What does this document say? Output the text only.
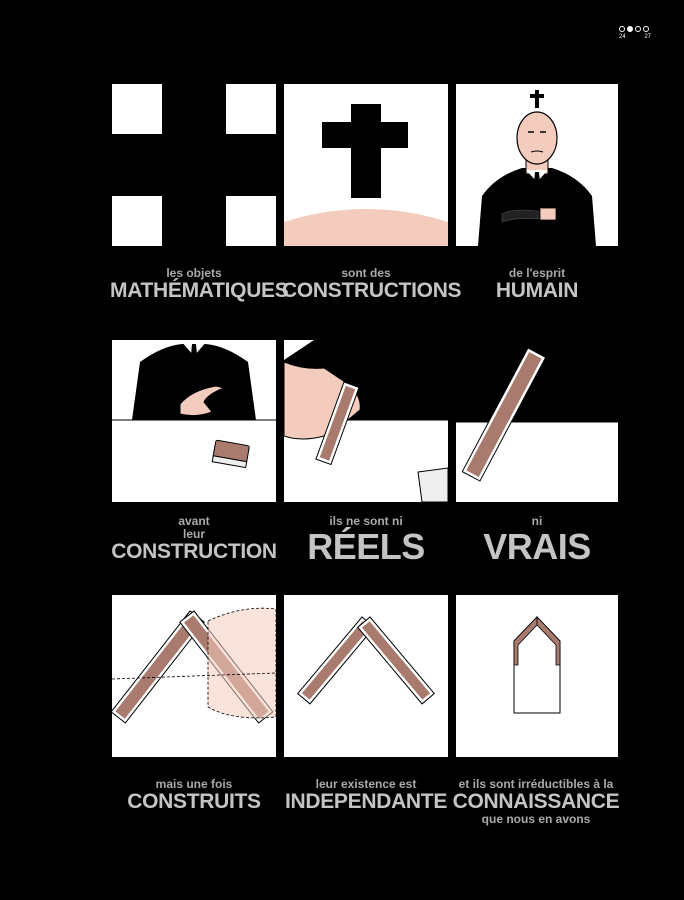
24	27
les objets
MATHÉMATIQUES
sont des
CONSTRUCTIONS
de l'esprit
HUMAIN
avant
leur
CONSTRUCTION
ils ne sont ni
RÉELS
ni
VRAIS
mais une fois
CONSTRUITS
leur existence est
INDEPENDANTE
et ils sont irréductibles à la
CONNAISSANCE
que nous en avons
